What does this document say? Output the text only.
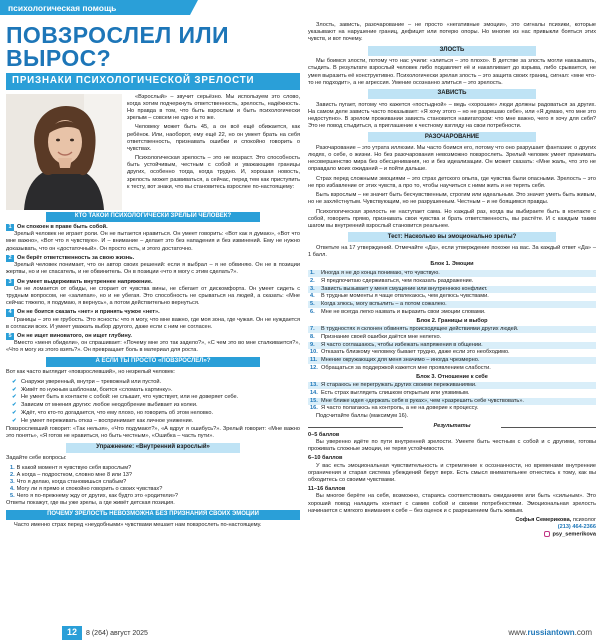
психологическая помощь
ПОВЗРОСЛЕЛ ИЛИ ВЫРОС?
ПРИЗНАКИ ПСИХОЛОГИЧЕСКОЙ ЗРЕЛОСТИ

«Взрослый» – звучит серьёзно. Мы используем это слово, когда хотим подчеркнуть ответственность, зрелость, надёжность. Но правда в том, что быть взрослым и быть психологически зрелым – совсем не одно и то же.

Человеку может быть 45, а он всё ещё обижается, как ребёнок. Или, наоборот, ему ещё 22, но он умеет брать на себя ответственность, признавать ошибки и спокойно говорить о чувствах.

Психологическая зрелость – это не возраст. Это способность быть устойчивым, честным с собой и уважающим границы других, особенно тогда, когда трудно. И, хорошая новость, зрелость может развиваться, а сейчас, перед тем как приступить к тесту, вот знаки, что вы становитесь взрослее по-настоящему:

КТО ТАКОЙ ПСИХОЛОГИЧЕСКИ ЗРЕЛЫЙ ЧЕЛОВЕК?
1 Он спокоен в праве быть собой.

Зрелый человек не играет роли. Он не пытается нравиться. Он умеет говорить: «Вот как я думаю», «Вот что мне важно», «Вот что я чувствую». И – внимание – делает это без нападения и без извинений. Ему не нужно доказывать, что он «достаточный». Он просто есть, и этого достаточно.

2 Он берёт ответственность за свою жизнь.

Зрелый человек понимает, что он автор своих решений: если я выбрал – я не обвиняю. Он не в позиции жертвы, но и не спасатель, и не обвинитель. Он в позиции «что я могу с этим сделать?».

3 Он умеет выдерживать внутреннее напряжение.

Он не ломается от обиды, не сгорает от чувства вины, не сбегает от дискомфорта. Он умеет сидеть с трудным вопросом, не «залипая», но и не убегая. Это способность не срываться на людей, а сказать: «Мне сейчас тяжело, я подумаю, я вернусь», а потом действительно вернуться.

4 Он не боится сказать «нет» и принять чужое «нет».

Границы – это не грубость. Это ясность: что я могу, что мне важно, где моя зона, где чужая. Он не нуждается в согласии всех. И умеет уважать выбор другого, даже если с ним не согласен.

5 Он не ищет виноватого, он ищет глубину.

Вместо «меня обидели», он спрашивает: «Почему мне это так задело?», «С чем это во мне сталкивается?», «Что я могу из этого взять?». Он превращает боль в материал для роста.

А ЕСЛИ ТЫ ПРОСТО «ПОВЗРОСЛЕЛ»?

Вот как часто выглядит «повзрослевший», но незрелый человек:

✔ Снаружи уверенный, внутри – тревожный или пустой.
✔ Живёт по нужным шаблонам, боится «сломать картинку».
✔ Не умеет быть в контакте с собой: не слышит, что чувствует, или не доверяет себе.
✔ Зависим от мнения других: любое неодобрение выбивает из колеи.
✔ Ждёт, что кто-то догадается, что ему плохо, но говорить об этом неловко.
✔ Не умеет переживать отказ – воспринимает как личное унижение.

Повзрослевший говорит: «Так нельзя», «Что подумают?», «А вдруг я ошибусь?». Зрелый говорит: «Мне важно это понять», «Я готов не нравиться, но быть честным», «Ошибка – часть пути».

Упражнение: «Внутренний взрослый»

Задайте себе вопросы:

1. В какой момент я чувствую себя взрослым?
2. А когда – подростком, словно мне 8 или 13?
3. Что я делаю, когда становишься слабым?
4. Могу ли я прямо и спокойно говорить о своих чувствах?
5. Чего я по-прежнему жду от других, как будто это «родители»?

Ответы покажут, где вы уже зрелы, а где живёт детская позиция.

ПОЧЕМУ ЗРЕЛОСТЬ НЕВОЗМОЖНА БЕЗ ПРИЗНАНИЯ СВОИХ ЭМОЦИЙ

Часто именно страх перед «неудобными» чувствами мешает нам повзрослеть по-настоящему.

Злость, зависть, разочарование – не просто «негативные эмоции», это сигналы психики, которые указывают на нарушение границ, дефицит или потерю опоры. Но многие из нас привыкли бояться этих чувств, и вот почему.

ЗЛОСТЬ

Мы боимся злости, потому что нас учили: «злиться – это плохо». В детстве за злость могли наказывать, стыдить. В результате взрослый человек либо подавляет её и накапливает до взрыва, либо срывается, не умея выразить её конструктивно. Психологически зрелая злость – это защита своих границ, сигнал: «мне что-то не подходит», а не агрессия. Умение осознанно злиться – это зрелость.

ЗАВИСТЬ

Зависть пугает, потому что кажется «постыдной» – ведь «хорошие» люди должны радоваться за других. На самом деле зависть часто показывает: «Я хочу этого – но не разрешаю себе», или «Я думаю, что мне это недоступно». В зрелом проживании зависть становится навигатором: что мне важно, чего я хочу для себя? Это не повод стыдиться, а приглашение к честному взгляду на свои потребности.

РАЗОЧАРОВАНИЕ

Разочарование – это утрата иллюзии. Мы часто боимся его, потому что оно разрушает фантазии: о других людях, о себе, о жизни. Но без разочарования невозможно повзрослеть. Зрелый человек умеет принимать несовершенство мира без обесценивания, но и без идеализации. Он может сказать: «Мне жаль, что это не оправдало моих ожиданий – и пойти дальше.

Страх перед сложными эмоциями – это страх детского опыта, где чувства были опасными. Зрелость – это не про избавление от этих чувств, а про то, чтобы научиться с ними жить и не терять себя.

Быть взрослым – не значит быть бесчувственным, строгим или идеальным. Это значит уметь быть живым, но не захлёстнутым. Чувствующим, но не разрушенным. Честным – и не боящимся правды.

Психологическая зрелость не наступает сама. Но каждый раз, когда вы выбираете быть в контакте с собой, говорить прямо, признавать свои чувства и брать ответственность, вы растёте. И с каждым таким шагом вы внутренний взрослый становится реальнее.

Тест: Насколько вы эмоционально зрелы?

Ответьте на 17 утверждений. Отмечайте «Да», если утверждение похоже на вас. За каждый ответ «Да» – 1 балл.

Блок 1. Эмоции
1. Иногда я не до конца понимаю, что чувствую.
2. Я предпочитаю сдерживаться, чем показать раздражение.
3. Зависть вызывает у меня смущение или внутреннюю конфликт.
4. В трудные моменты я чаще отвлекаюсь, чем делюсь чувствами.
5. Когда злюсь, могу вспылить – а потом сожалею.
6. Мне не всегда легко назвать и выразить свои эмоции словами.
Блок 2. Границы и выбор
7. В трудностях я склонен обвинять происходящее действиями других людей.
8. Признание своей ошибки даётся мне нелегко.
9. Я часто соглашаюсь, чтобы избежать напряжения в общении.
10. Отказать близкому человеку бывает трудно, даже если это необходимо.
11. Мнение окружающих для меня значимо – иногда чрезмерно.
12. Обращаться за поддержкой кажется мне проявлением слабости.
Блок 3. Отношение к себе
13. Я стараюсь не перегружать других своими переживаниями.
14. Есть страх выглядеть слишком открытым или уязвимым.
15. Мне ближе идея «держать себя в руках», чем «разрешить себе чувствовать».
16. Я часто полагаюсь на контроль, а не на доверие к процессу.

Подсчитайте баллы (максимум 16).

Результаты
0–5 баллов

Вы уверенно идёте по пути внутренней зрелости. Умеете быть честным с собой и с другими, готовы проживать сложные эмоции, не теряя устойчивости.

6–10 баллов

У вас есть эмоциональная чувствительность и стремление к осознанности, но временами внутренние ограничения и старая система убеждений берут верх. Есть смысл внимательнее отнестись к тому, как вы обходитесь со своими чувствами.

11–16 баллов

Вы многое берёте на себя, возможно, стараясь соответствовать ожиданиям или быть «сильным». Это хороший повод наладить контакт с самим собой и своими потребностями. Эмоциональная зрелость начинается с мягкого внимания к себе – без оценок и с разрешением быть живым.

Софья Семерикова, психолог
(213) 464-2366
psy_semerikova
12 8 (264) август 2025	www.russiantown.com
